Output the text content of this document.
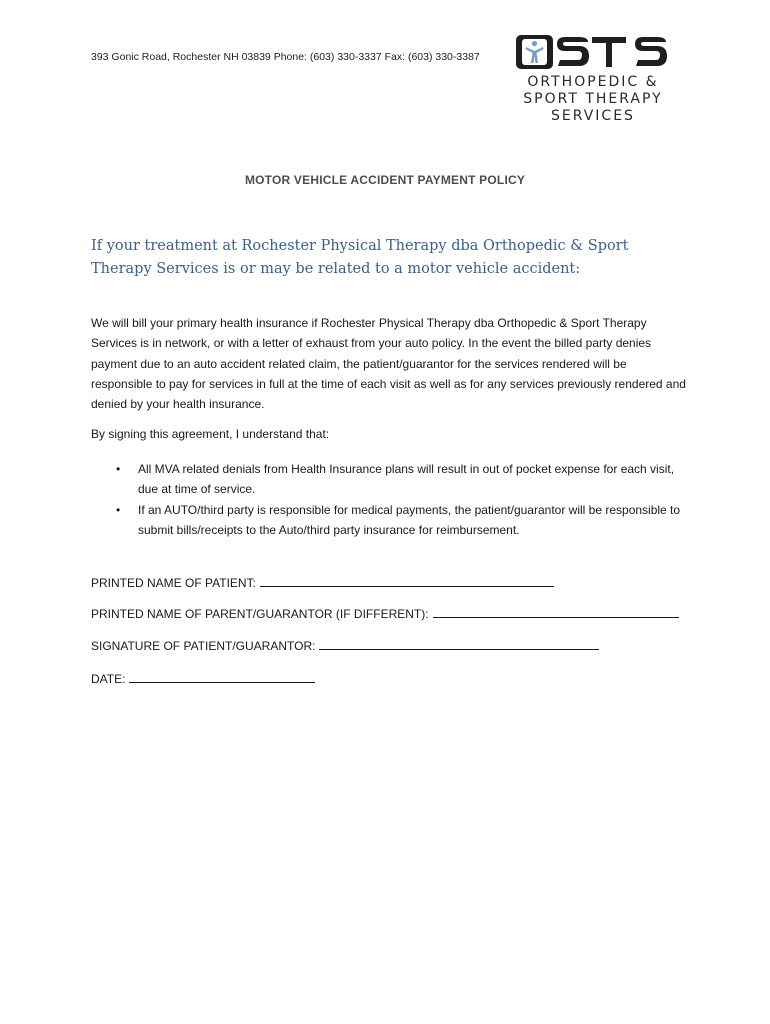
393 Gonic Road, Rochester NH 03839 Phone: (603) 330-3337 Fax: (603) 330-3387
ORTHOPEDIC &
SPORT THERAPY
SERVICES
MOTOR VEHICLE ACCIDENT PAYMENT POLICY
If your treatment at Rochester Physical Therapy dba Orthopedic & Sport Therapy Services is or may be related to a motor vehicle accident:
We will bill your primary health insurance if Rochester Physical Therapy dba Orthopedic & Sport Therapy Services is in network, or with a letter of exhaust from your auto policy. In the event the billed party denies payment due to an auto accident related claim, the patient/guarantor for the services rendered will be responsible to pay for services in full at the time of each visit as well as for any services previously rendered and denied by your health insurance.
By signing this agreement, I understand that:
• All MVA related denials from Health Insurance plans will result in out of pocket expense for each visit, due at time of service.
• If an AUTO/third party is responsible for medical payments, the patient/guarantor will be responsible to submit bills/receipts to the Auto/third party insurance for reimbursement.
PRINTED NAME OF PATIENT:
PRINTED NAME OF PARENT/GUARANTOR (IF DIFFERENT):
SIGNATURE OF PATIENT/GUARANTOR:
DATE:
